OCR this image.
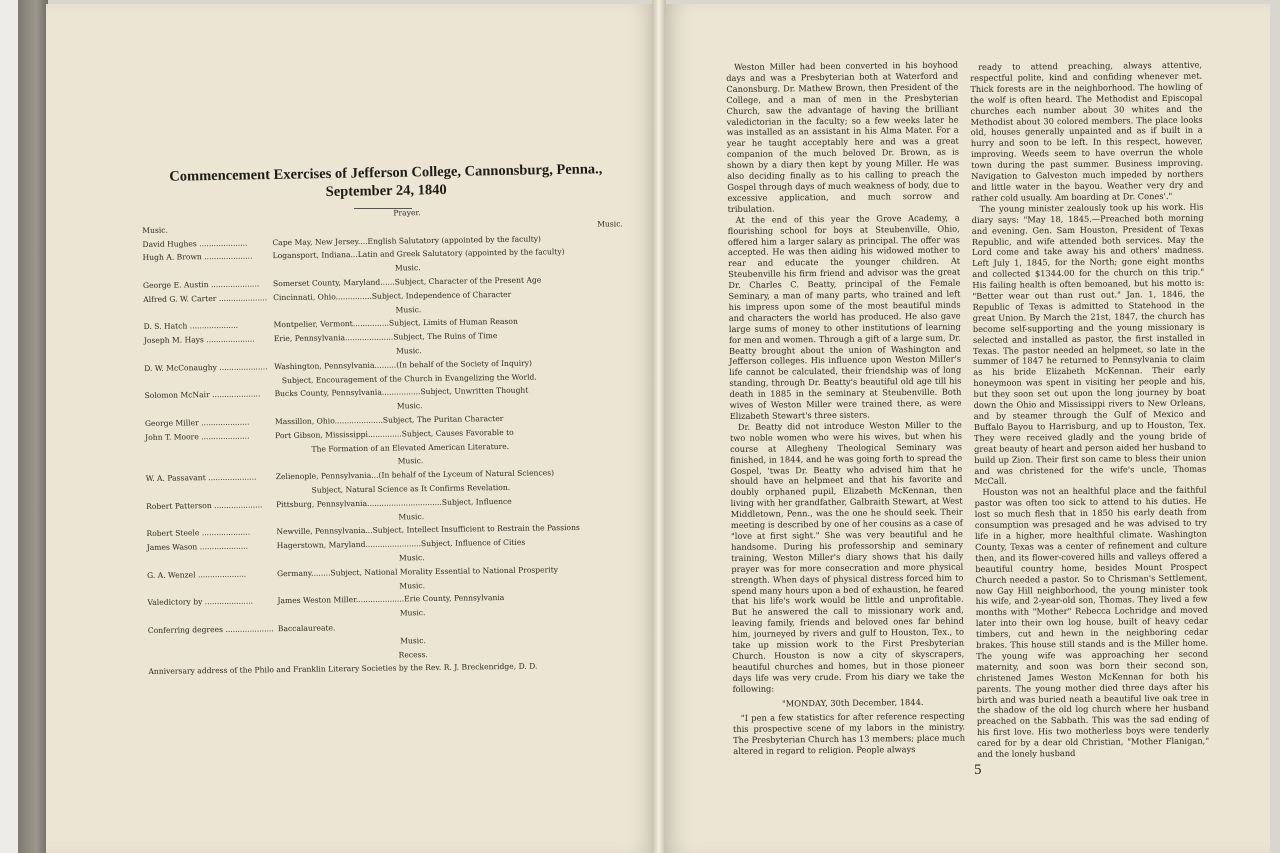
Commencement Exercises of Jefferson College, Cannonsburg, Penna.,
September 24, 1840
Prayer.
Music.
Music.
David Hughes ....................	Cape May, New Jersey....English Salutatory (appointed by the faculty)
Hugh A. Brown ....................	Logansport, Indiana...Latin and Greek Salutatory (appointed by the faculty)
Music.
George E. Austin .................... Somerset County, Maryland......Subject, Character of the Present Age
Alfred G. W. Carter .................... Cincinnati, Ohio...............Subject, Independence of Character
Music.
D. S. Hatch ....................	Montpelier, Vermont...............Subject, Limits of Human Reason
Joseph M. Hays ....................	Erie, Pennsylvania....................Subject, The Ruins of Time
Music.
D. W. McConaughy .................... Washington, Pennsylvania.........(In behalf of the Society of Inquiry)
Subject, Encouragement of the Church in Evangelizing the World.
Solomon McNair .................... Bucks County, Pennsylvania................Subject, Unwritten Thought
Music.
George Miller ....................	Massillon, Ohio....................Subject, The Puritan Character
John T. Moore ....................	Port Gibson, Mississippi..............Subject, Causes Favorable to
The Formation of an Elevated American Literature.
Music.
W. A. Passavant ....................	Zelienople, Pennsylvania...(In behalf of the Lyceum of Natural Sciences)
Subject, Natural Science as It Confirms Revelation.
Robert Patterson .................... Pittsburg, Pennsylvania...............................Subject, Influence
Music.
Robert Steele ....................	Newville, Pennsylvania...Subject, Intellect Insufficient to Restrain the Passions
James Wason ....................	Hagerstown, Maryland.......................Subject, Influence of Cities
Music.
G. A. Wenzel ....................	Germany........Subject, National Morality Essential to National Prosperity
Music.
Valedictory by ....................	James Weston Miller....................Erie County, Pennsylvania
Music.
Conferring degrees .................... Baccalaureate.
Music.
Recess.
Anniversary address of the Philo and Franklin Literary Societies by the Rev. R. J. Breckenridge, D. D.

Weston Miller had been converted in his boyhood days and was a Presbyterian both at Waterford and Canonsburg. Dr. Mathew Brown, then President of the College, and a man of men in the Presbyterian Church, saw the advantage of having the brilliant valedictorian in the faculty; so a few weeks later he was installed as an assistant in his Alma Mater. For a year he taught acceptably here and was a great companion of the much beloved Dr. Brown, as is shown by a diary then kept by young Miller. He was also deciding finally as to his calling to preach the Gospel through days of much weakness of body, due to excessive application, and much sorrow and tribulation.

At the end of this year the Grove Academy, a flourishing school for boys at Steubenville, Ohio, offered him a larger salary as principal. The offer was accepted. He was then aiding his widowed mother to rear and educate the younger children. At Steubenville his firm friend and advisor was the great Dr. Charles C. Beatty, principal of the Female Seminary, a man of many parts, who trained and left his impress upon some of the most beautiful minds and characters the world has produced. He also gave large sums of money to other institutions of learning for men and women. Through a gift of a large sum, Dr. Beatty brought about the union of Washington and Jefferson colleges. His influence upon Weston Miller's life cannot be calculated, their friendship was of long standing, through Dr. Beatty's beautiful old age till his death in 1885 in the seminary at Steubenville. Both wives of Weston Miller were trained there, as were Elizabeth Stewart's three sisters.

Dr. Beatty did not introduce Weston Miller to the two noble women who were his wives, but when his course at Allegheny Theological Seminary was finished, in 1844, and he was going forth to spread the Gospel, 'twas Dr. Beatty who advised him that he should have an helpmeet and that his favorite and doubly orphaned pupil, Elizabeth McKennan, then living with her grandfather, Galbraith Stewart, at West Middletown, Penn., was the one he should seek. Their meeting is described by one of her cousins as a case of "love at first sight." She was very beautiful and he handsome. During his professorship and seminary training, Weston Miller's diary shows that his daily prayer was for more consecration and more physical strength. When days of physical distress forced him to spend many hours upon a bed of exhaustion, he feared that his life's work would be little and unprofitable. But he answered the call to missionary work and, leaving family, friends and beloved ones far behind him, journeyed by rivers and gulf to Houston, Tex., to take up mission work to the First Presbyterian Church. Houston is now a city of skyscrapers, beautiful churches and homes, but in those pioneer days life was very crude. From his diary we take the following:

"MONDAY, 30th December, 1844.

"I pen a few statistics for after reference respecting this prospective scene of my labors in the ministry. The Presbyterian Church has 13 members; place much altered in regard to religion. People always

ready to attend preaching, always attentive, respectful polite, kind and confiding whenever met. Thick forests are in the neighborhood. The howling of the wolf is often heard. The Methodist and Episcopal churches each number about 30 whites and the Methodist about 30 colored members. The place looks old, houses generally unpainted and as if built in a hurry and soon to be left. In this respect, however, improving. Weeds seem to have overrun the whole town during the past summer. Business improving. Navigation to Galveston much impeded by northers and little water in the bayou. Weather very dry and rather cold usually. Am boarding at Dr. Cones'."

The young minister zealously took up his work. His diary says: "May 18, 1845.—Preached both morning and evening. Gen. Sam Houston, President of Texas Republic, and wife attended both services. May the Lord come and take away his and others' madness. Left July 1, 1845, for the North; gone eight months and collected $1344.00 for the church on this trip." His failing health is often bemoaned, but his motto is: "Better wear out than rust out." Jan. 1, 1846, the Republic of Texas is admitted to Statehood in the great Union. By March the 21st, 1847, the church has become self-supporting and the young missionary is selected and installed as pastor, the first installed in Texas. The pastor needed an helpmeet, so late in the summer of 1847 he returned to Pennsylvania to claim as his bride Elizabeth McKennan. Their early honeymoon was spent in visiting her people and his, but they soon set out upon the long journey by boat down the Ohio and Mississippi rivers to New Orleans, and by steamer through the Gulf of Mexico and Buffalo Bayou to Harrisburg, and up to Houston, Tex. They were received gladly and the young bride of great beauty of heart and person aided her husband to build up Zion. Their first son came to bless their union and was christened for the wife's uncle, Thomas McCall.

Houston was not an healthful place and the faithful pastor was often too sick to attend to his duties. He lost so much flesh that in 1850 his early death from consumption was presaged and he was advised to try life in a higher, more healthful climate. Washington County, Texas was a center of refinement and culture then, and its flower-covered hills and valleys offered a beautiful country home, besides Mount Prospect Church needed a pastor. So to Chrisman's Settlement, now Gay Hill neighborhood, the young minister took his wife, and 2-year-old son, Thomas. They lived a few months with "Mother" Rebecca Lochridge and moved later into their own log house, built of heavy cedar timbers, cut and hewn in the neighboring cedar brakes. This house still stands and is the Miller home. The young wife was approaching her second maternity, and soon was born their second son, christened James Weston McKennan for both his parents. The young mother died three days after his birth and was buried neath a beautiful live oak tree in the shadow of the old log church where her husband preached on the Sabbath. This was the sad ending of his first love. His two motherless boys were tenderly cared for by a dear old Christian, "Mother Flanigan," and the lonely husband

5
